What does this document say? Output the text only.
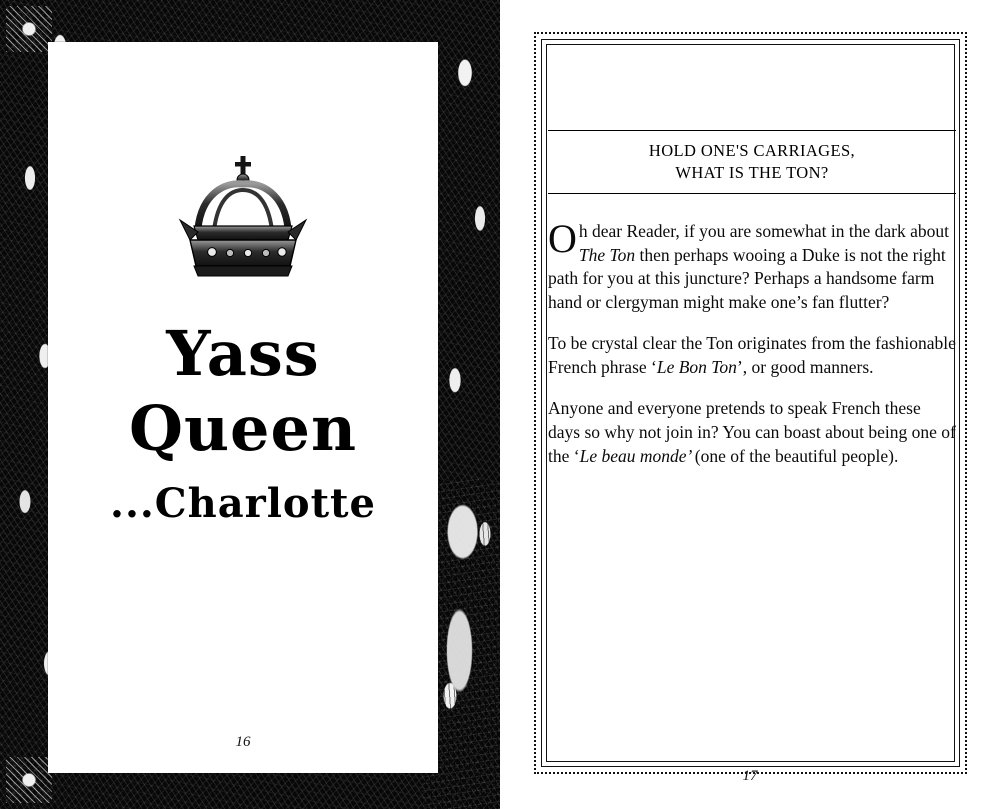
Yass
Queen
...Charlotte
16
HOLD ONE'S CARRIAGES,
WHAT IS THE TON?

Oh dear Reader, if you are somewhat in the dark about The Ton then perhaps wooing a Duke is not the right path for you at this juncture? Perhaps a handsome farm hand or clergyman might make one’s fan flutter?

To be crystal clear the Ton originates from the fashionable French phrase ‘Le Bon Ton’, or good manners.

Anyone and everyone pretends to speak French these days so why not join in? You can boast about being one of the ‘Le beau monde’ (one of the beautiful people).

17
